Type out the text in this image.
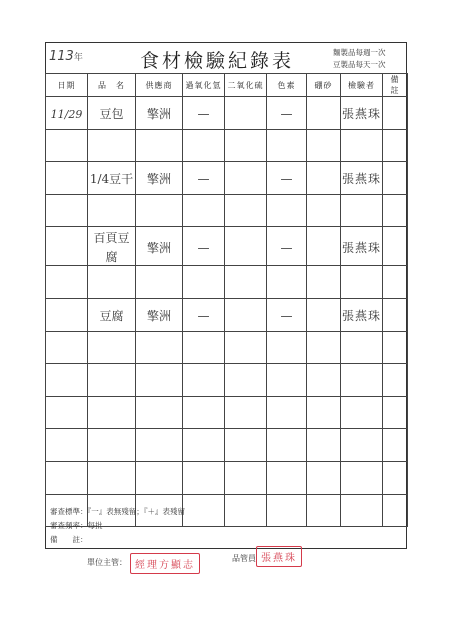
113年	食材檢驗紀錄表	麵製品每週一次
豆製品每天一次
日期	品　名	供應商	過氧化氫	二氧化硫	色素	硼砂	檢驗者	備　註
11/29	豆包	擎洲	—		—		張燕珠	

	1/4豆干	擎洲	—		—		張燕珠	

	百頁豆腐	擎洲	—		—		張燕珠	

	豆腐	擎洲	—		—		張燕珠	

審查標準：『一』表無殘留；『＋』表殘留
審查頻率：每批
備　　註：
單位主管： 經理方顯志
品管員 張燕珠
